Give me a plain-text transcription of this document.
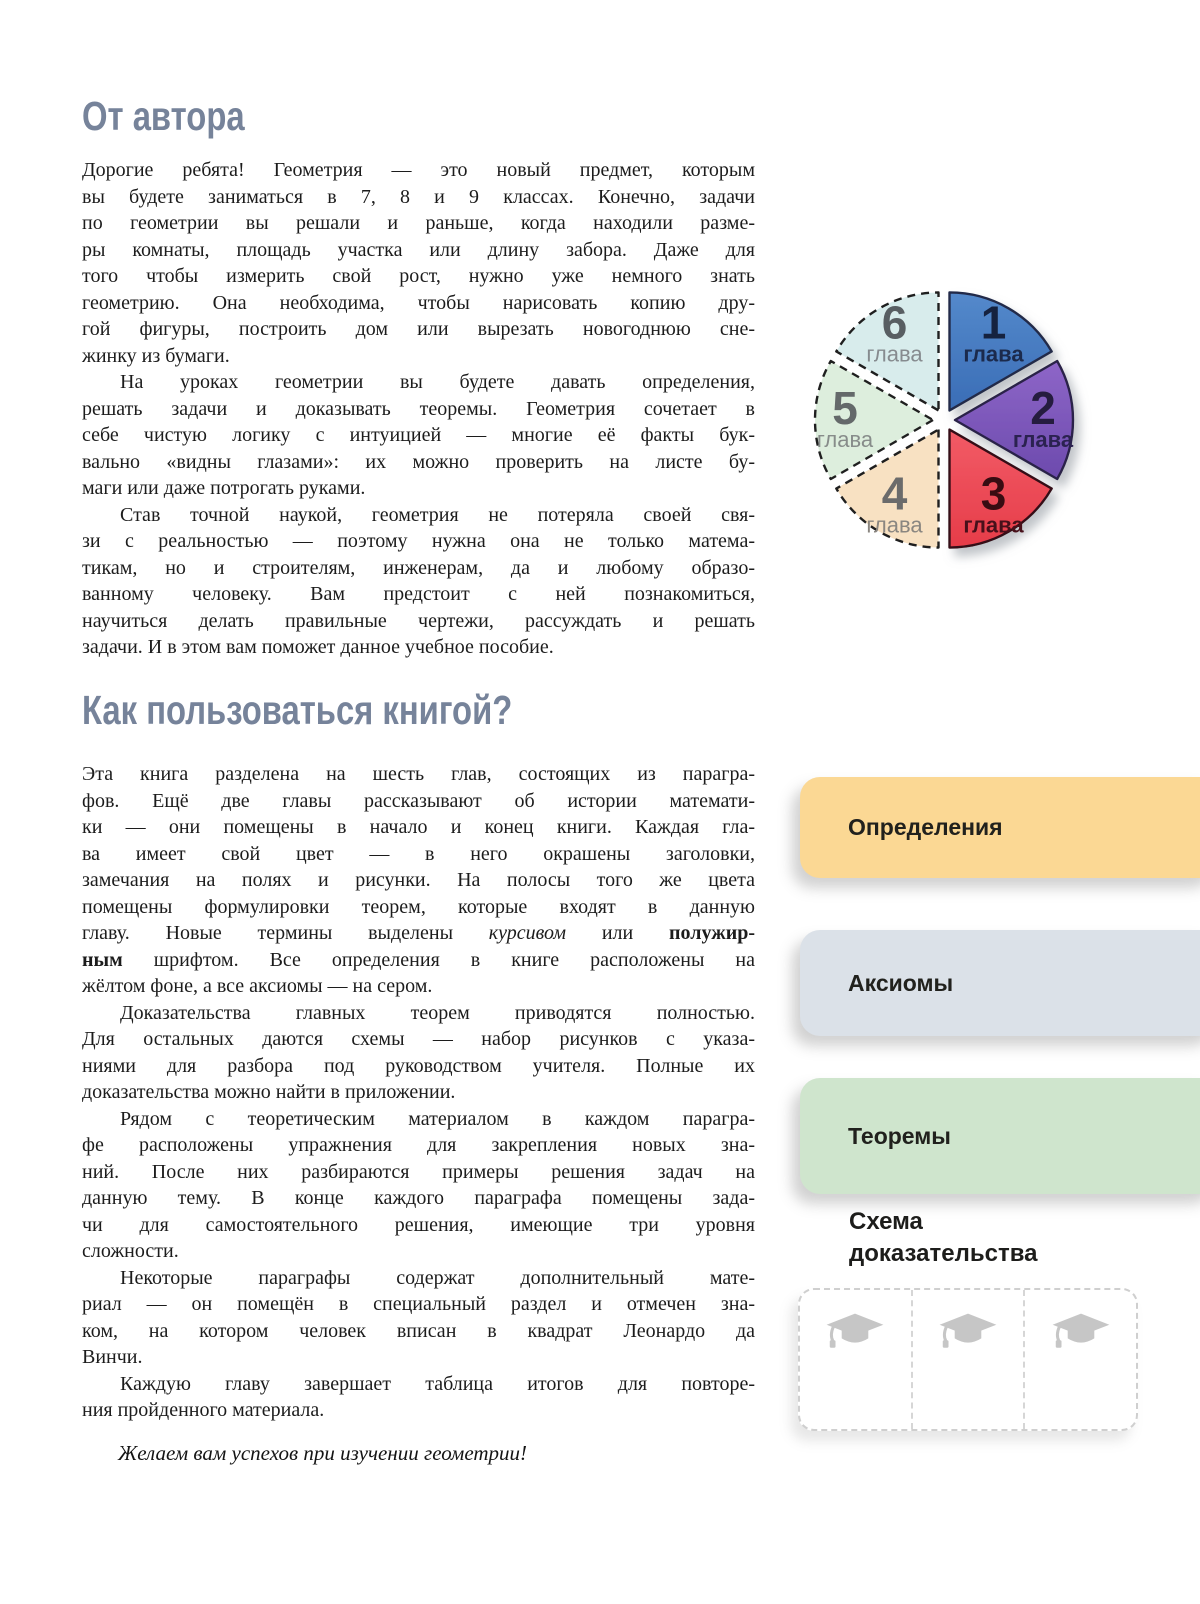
От автора
Дорогие ребята! Геометрия — это новый предмет, которым
вы будете заниматься в 7, 8 и 9 классах. Конечно, задачи
по геометрии вы решали и раньше, когда находили разме-
ры комнаты, площадь участка или длину забора. Даже для
того чтобы измерить свой рост, нужно уже немного знать
геометрию. Она необходима, чтобы нарисовать копию дру-
гой фигуры, построить дом или вырезать новогоднюю сне-
жинку из бумаги.
На уроках геометрии вы будете давать определения,
решать задачи и доказывать теоремы. Геометрия сочетает в
себе чистую логику с интуицией — многие её факты бук-
вально «видны глазами»: их можно проверить на листе бу-
маги или даже потрогать руками.
Став точной наукой, геометрия не потеряла своей свя-
зи с реальностью — поэтому нужна она не только матема-
тикам, но и строителям, инженерам, да и любому образо-
ванному человеку. Вам предстоит с ней познакомиться,
научиться делать правильные чертежи, рассуждать и решать
задачи. И в этом вам поможет данное учебное пособие.
1
глава
2
глава
3
глава
4
глава
5
глава
6
глава
Как пользоваться книгой?
Эта книга разделена на шесть глав, состоящих из парагра-
фов. Ещё две главы рассказывают об истории математи-
ки — они помещены в начало и конец книги. Каждая гла-
ва имеет свой цвет — в него окрашены заголовки,
замечания на полях и рисунки. На полосы того же цвета
помещены формулировки теорем, которые входят в данную
главу. Новые термины выделены курсивом или полужир-
ным шрифтом. Все определения в книге расположены на
жёлтом фоне, а все аксиомы — на сером.
Доказательства главных теорем приводятся полностью.
Для остальных даются схемы — набор рисунков с указа-
ниями для разбора под руководством учителя. Полные их
доказательства можно найти в приложении.
Рядом с теоретическим материалом в каждом парагра-
фе расположены упражнения для закрепления новых зна-
ний. После них разбираются примеры решения задач на
данную тему. В конце каждого параграфа помещены зада-
чи для самостоятельного решения, имеющие три уровня
сложности.
Некоторые параграфы содержат дополнительный мате-
риал — он помещён в специальный раздел и отмечен зна-
ком, на котором человек вписан в квадрат Леонардо да
Винчи.
Каждую главу завершает таблица итогов для повторе-
ния пройденного материала.
Желаем вам успехов при изучении геометрии!
Определения
Аксиомы
Теоремы
Схема
доказательства
